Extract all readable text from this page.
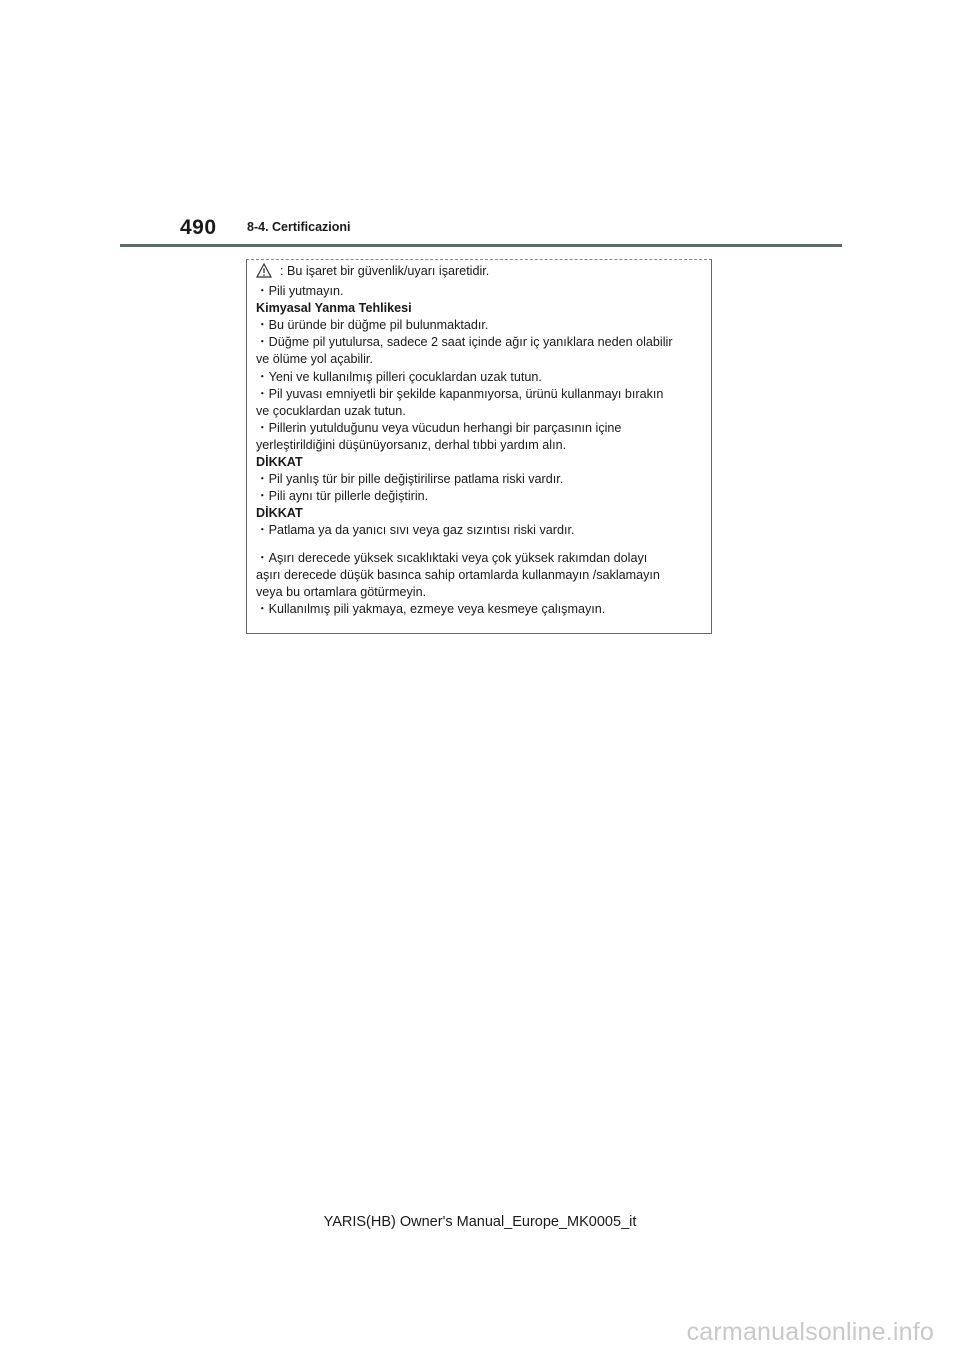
490 8-4. Certificazioni
: Bu işaret bir güvenlik/uyarı işaretidir.
・Pili yutmayın.
Kimyasal Yanma Tehlikesi
・Bu üründe bir düğme pil bulunmaktadır.
・Düğme pil yutulursa, sadece 2 saat içinde ağır iç yanıklara neden olabilir
ve ölüme yol açabilir.
・Yeni ve kullanılmış pilleri çocuklardan uzak tutun.
・Pil yuvası emniyetli bir şekilde kapanmıyorsa, ürünü kullanmayı bırakın
ve çocuklardan uzak tutun.
・Pillerin yutulduğunu veya vücudun herhangi bir parçasının içine
yerleştirildiğini düşünüyorsanız, derhal tıbbi yardım alın.
DİKKAT
・Pil yanlış tür bir pille değiştirilirse patlama riski vardır.
・Pili aynı tür pillerle değiştirin.
DİKKAT
・Patlama ya da yanıcı sıvı veya gaz sızıntısı riski vardır.
・Aşırı derecede yüksek sıcaklıktaki veya çok yüksek rakımdan dolayı
aşırı derecede düşük basınca sahip ortamlarda kullanmayın /saklamayın
veya bu ortamlara götürmeyin.
・Kullanılmış pili yakmaya, ezmeye veya kesmeye çalışmayın.
YARIS(HB) Owner's Manual_Europe_MK0005_it
carmanualsonline.info
